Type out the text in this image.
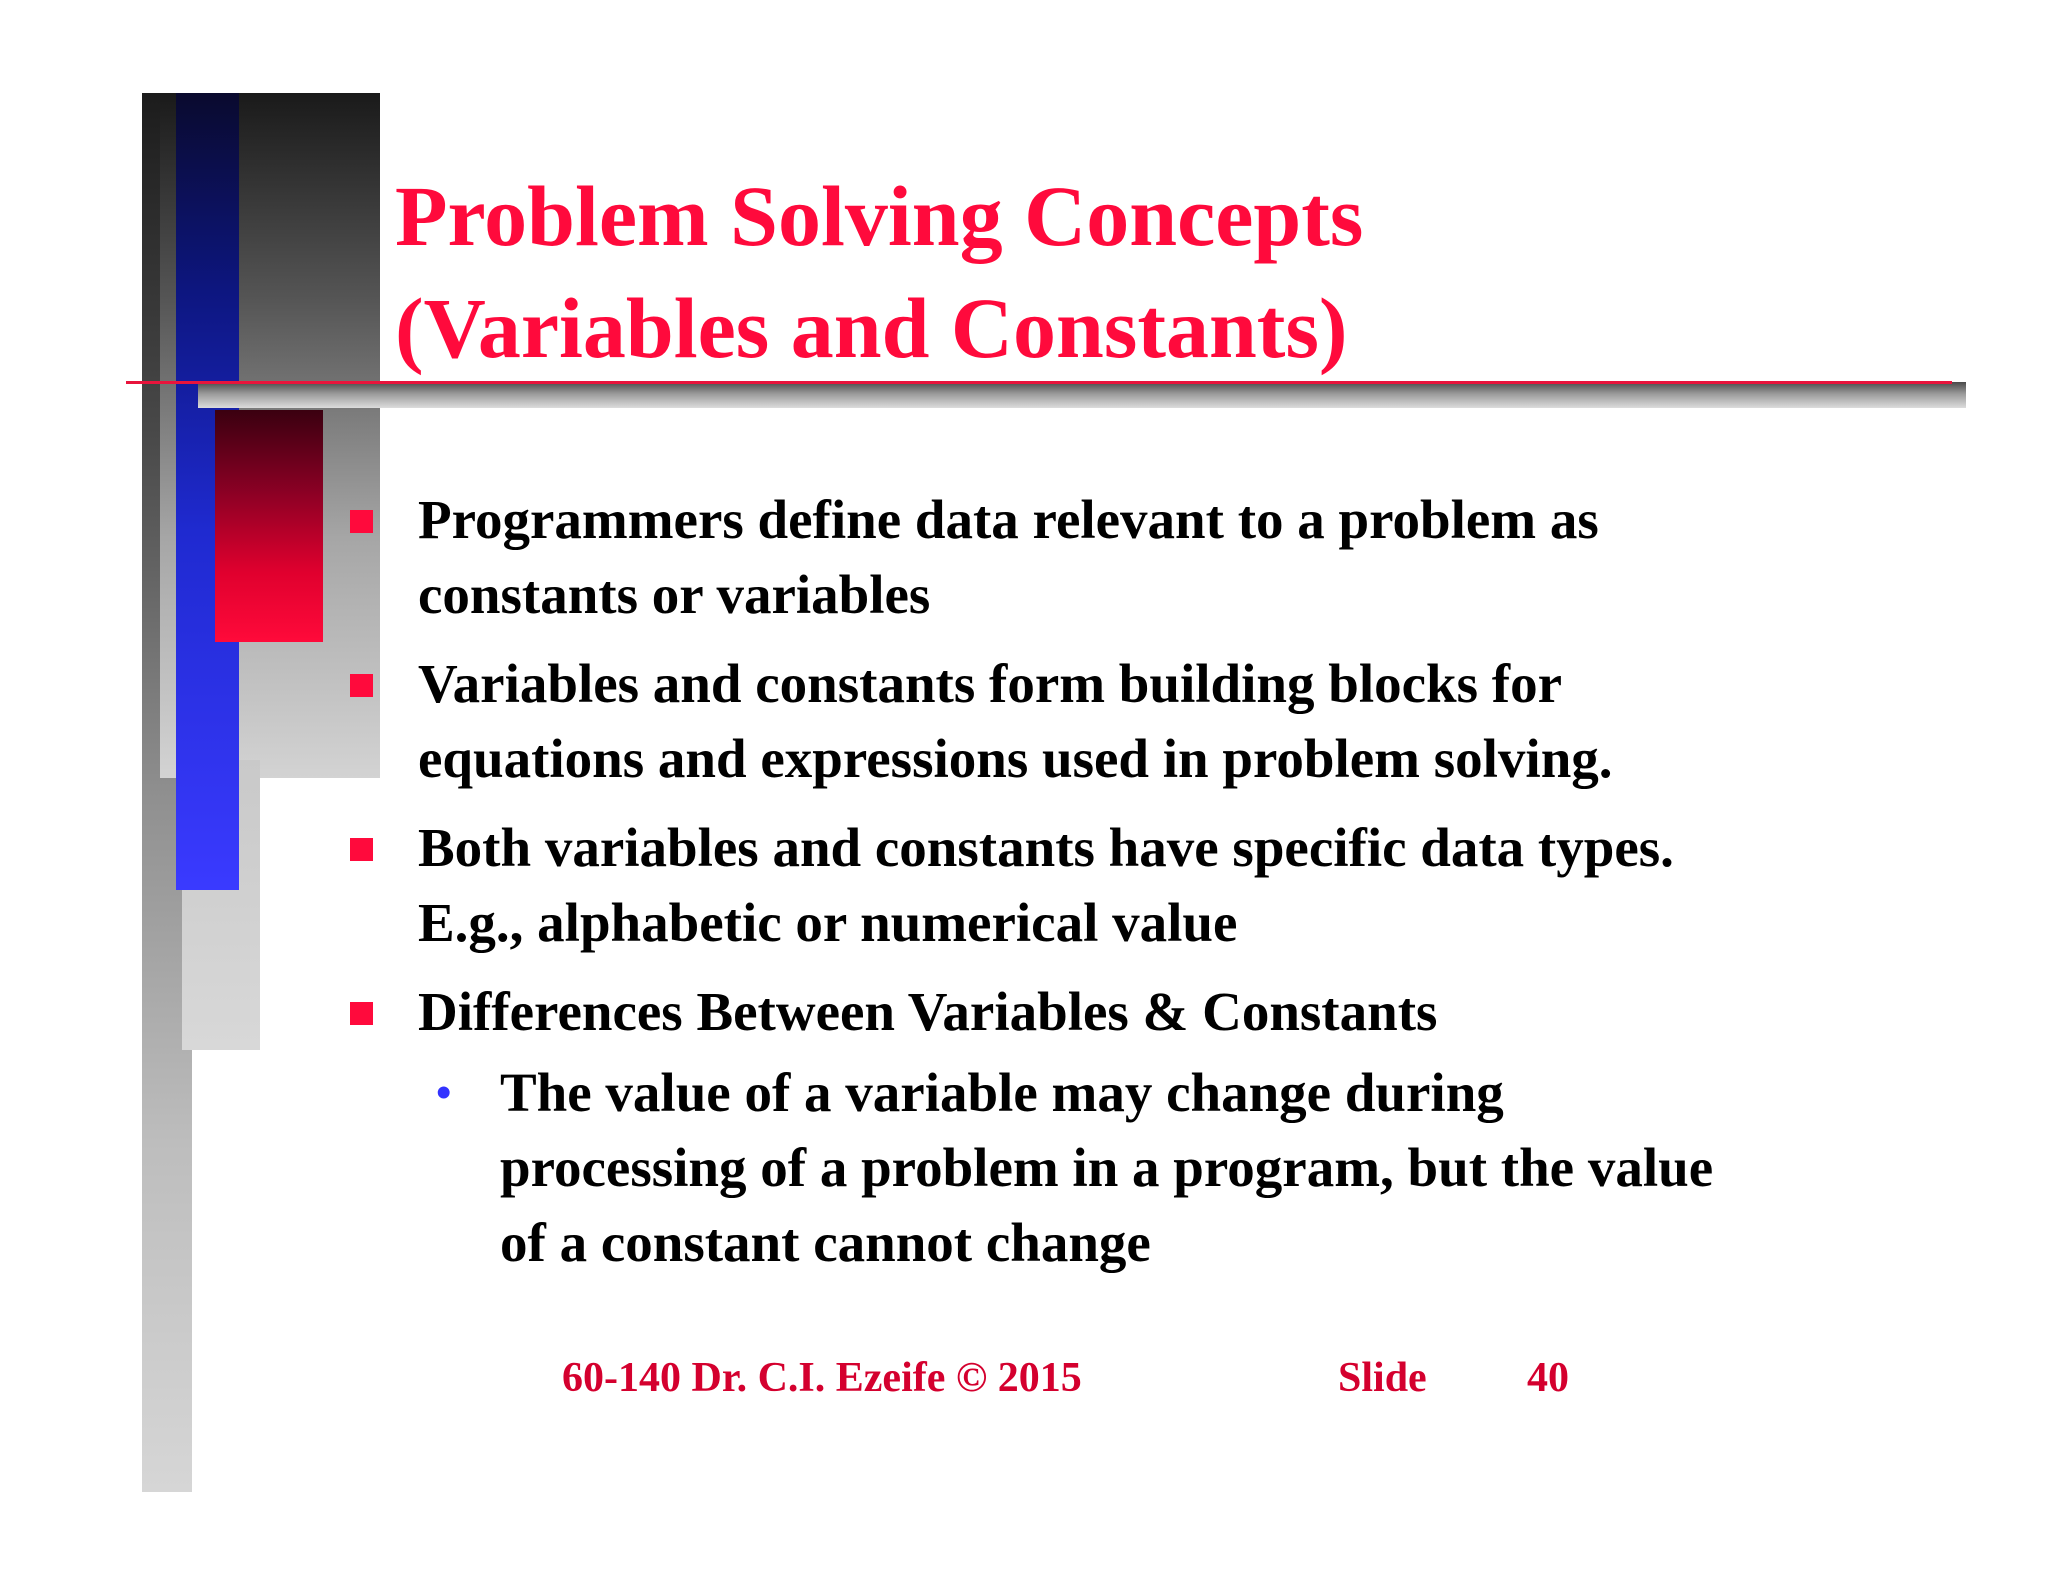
Problem Solving Concepts
(Variables and Constants)
Programmers define data relevant to a problem as
constants or variables
Variables and constants form building blocks for
equations and expressions used in problem solving.
Both variables and constants have specific data types.
E.g., alphabetic or numerical value
Differences Between Variables & Constants
• The value of a variable may change during
processing of a problem in a program, but the value
of a constant cannot change
60-140 Dr. C.I. Ezeife © 2015	Slide 40
